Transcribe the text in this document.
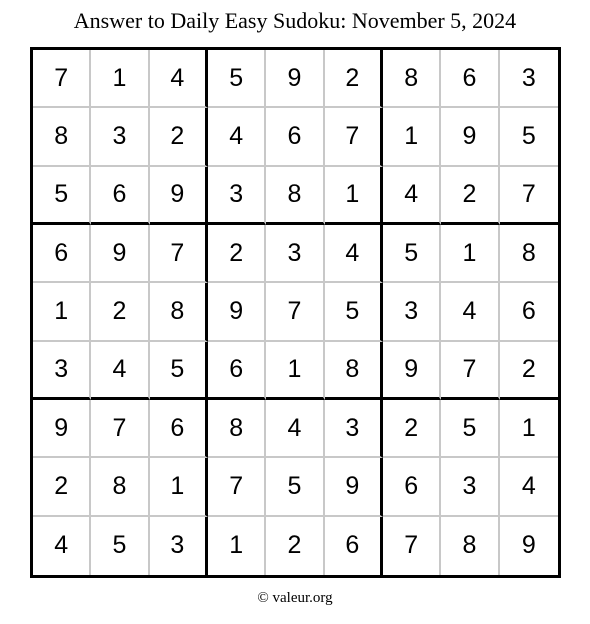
Answer to Daily Easy Sudoku: November 5, 2024
7	1	4	5	9	2	8	6	3
8	3	2	4	6	7	1	9	5
5	6	9	3	8	1	4	2	7
6	9	7	2	3	4	5	1	8
1	2	8	9	7	5	3	4	6
3	4	5	6	1	8	9	7	2
9	7	6	8	4	3	2	5	1
2	8	1	7	5	9	6	3	4
4	5	3	1	2	6	7	8	9
© valeur.org
